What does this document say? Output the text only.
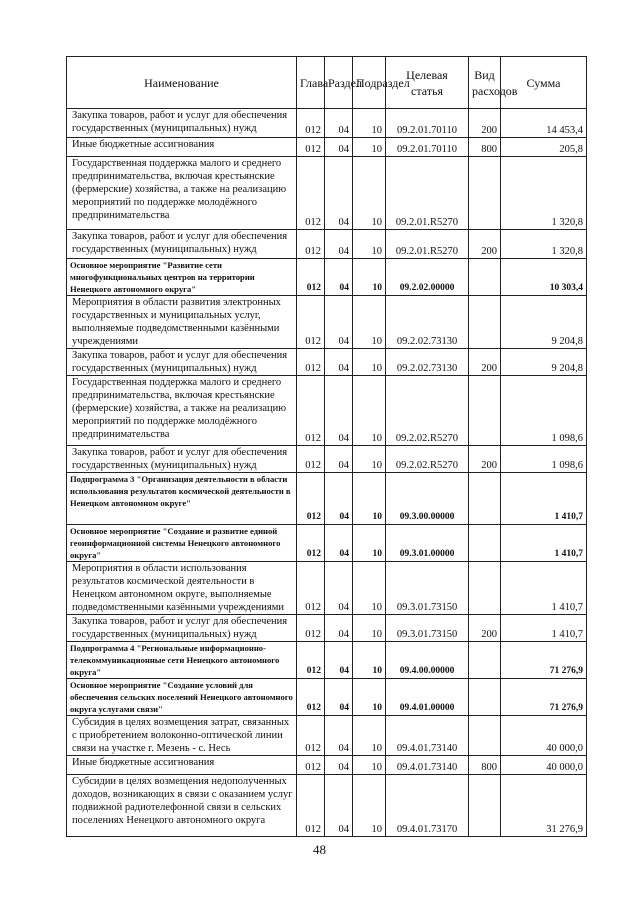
Наименование	Глава	Раздел	Подраздел	Целевая статья	Вид расходов	Сумма
Закупка товаров, работ и услуг для обеспечения государственных (муниципальных) нужд	012	04	10	09.2.01.70110	200	14 453,4
Иные бюджетные ассигнования	012	04	10	09.2.01.70110	800	205,8
Государственная поддержка малого и среднего предпринимательства, включая крестьянские (фермерские) хозяйства, а также на реализацию мероприятий по поддержке молодёжного предпринимательства	012	04	10	09.2.01.R5270		1 320,8
Закупка товаров, работ и услуг для обеспечения государственных (муниципальных) нужд	012	04	10	09.2.01.R5270	200	1 320,8
Основное мероприятие "Развитие сети многофункциональных центров на территории Ненецкого автономного округа"	012	04	10	09.2.02.00000		10 303,4
Мероприятия в области развития электронных государственных и муниципальных услуг, выполняемые подведомственными казёнными учреждениями	012	04	10	09.2.02.73130		9 204,8
Закупка товаров, работ и услуг для обеспечения государственных (муниципальных) нужд	012	04	10	09.2.02.73130	200	9 204,8
Государственная поддержка малого и среднего предпринимательства, включая крестьянские (фермерские) хозяйства, а также на реализацию мероприятий по поддержке молодёжного предпринимательства	012	04	10	09.2.02.R5270		1 098,6
Закупка товаров, работ и услуг для обеспечения государственных (муниципальных) нужд	012	04	10	09.2.02.R5270	200	1 098,6
Подпрограмма 3 "Организация деятельности в области использования результатов космической деятельности в Ненецком автономном округе"	012	04	10	09.3.00.00000		1 410,7
Основное мероприятие "Создание и развитие единой геоинформационной системы Ненецкого автономного округа"	012	04	10	09.3.01.00000		1 410,7
Мероприятия в области использования результатов космической деятельности в Ненецком автономном округе, выполняемые подведомственными казёнными учреждениями	012	04	10	09.3.01.73150		1 410,7
Закупка товаров, работ и услуг для обеспечения государственных (муниципальных) нужд	012	04	10	09.3.01.73150	200	1 410,7
Подпрограмма 4 "Региональные информационно-телекоммуникационные сети Ненецкого автономного округа"	012	04	10	09.4.00.00000		71 276,9
Основное мероприятие "Создание условий для обеспечения сельских поселений Ненецкого автономного округа услугами связи"	012	04	10	09.4.01.00000		71 276,9
Субсидия в целях возмещения затрат, связанных с приобретением волоконно-оптической линии связи на участке г. Мезень - с. Несь	012	04	10	09.4.01.73140		40 000,0
Иные бюджетные ассигнования	012	04	10	09.4.01.73140	800	40 000,0
Субсидии в целях возмещения недополученных доходов, возникающих в связи с оказанием услуг подвижной радиотелефонной связи в сельских поселениях Ненецкого автономного округа	012	04	10	09.4.01.73170		31 276,9
48
